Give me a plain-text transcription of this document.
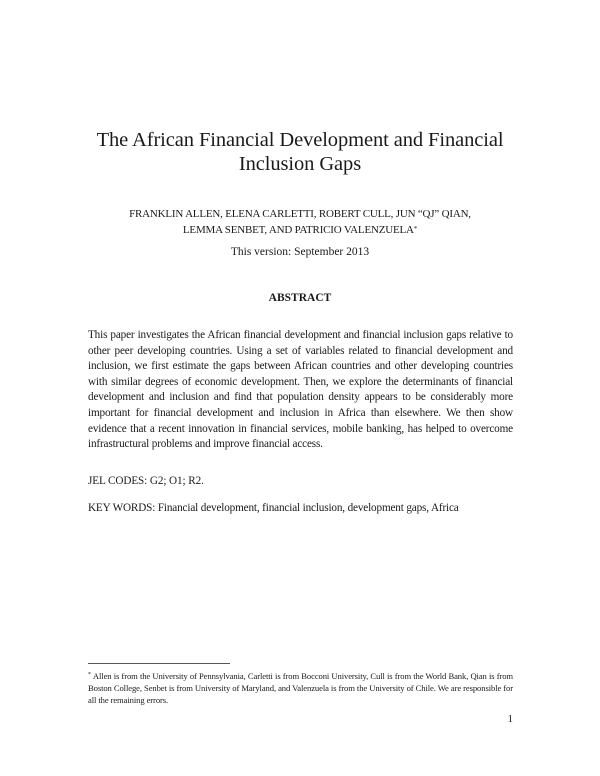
The African Financial Development and Financial
Inclusion Gaps
FRANKLIN ALLEN, ELENA CARLETTI, ROBERT CULL, JUN “QJ” QIAN,
LEMMA SENBET, AND PATRICIO VALENZUELA*
This version: September 2013
ABSTRACT
This paper investigates the African financial development and financial inclusion gaps relative to other peer developing countries. Using a set of variables related to financial development and inclusion, we first estimate the gaps between African countries and other developing countries with similar degrees of economic development. Then, we explore the determinants of financial development and inclusion and find that population density appears to be considerably more important for financial development and inclusion in Africa than elsewhere. We then show evidence that a recent innovation in financial services, mobile banking, has helped to overcome infrastructural problems and improve financial access.
JEL CODES: G2; O1; R2.
KEY WORDS: Financial development, financial inclusion, development gaps, Africa
* Allen is from the University of Pennsylvania, Carletti is from Bocconi University, Cull is from the World Bank, Qian is from Boston College, Senbet is from University of Maryland, and Valenzuela is from the University of Chile. We are responsible for all the remaining errors.
1
